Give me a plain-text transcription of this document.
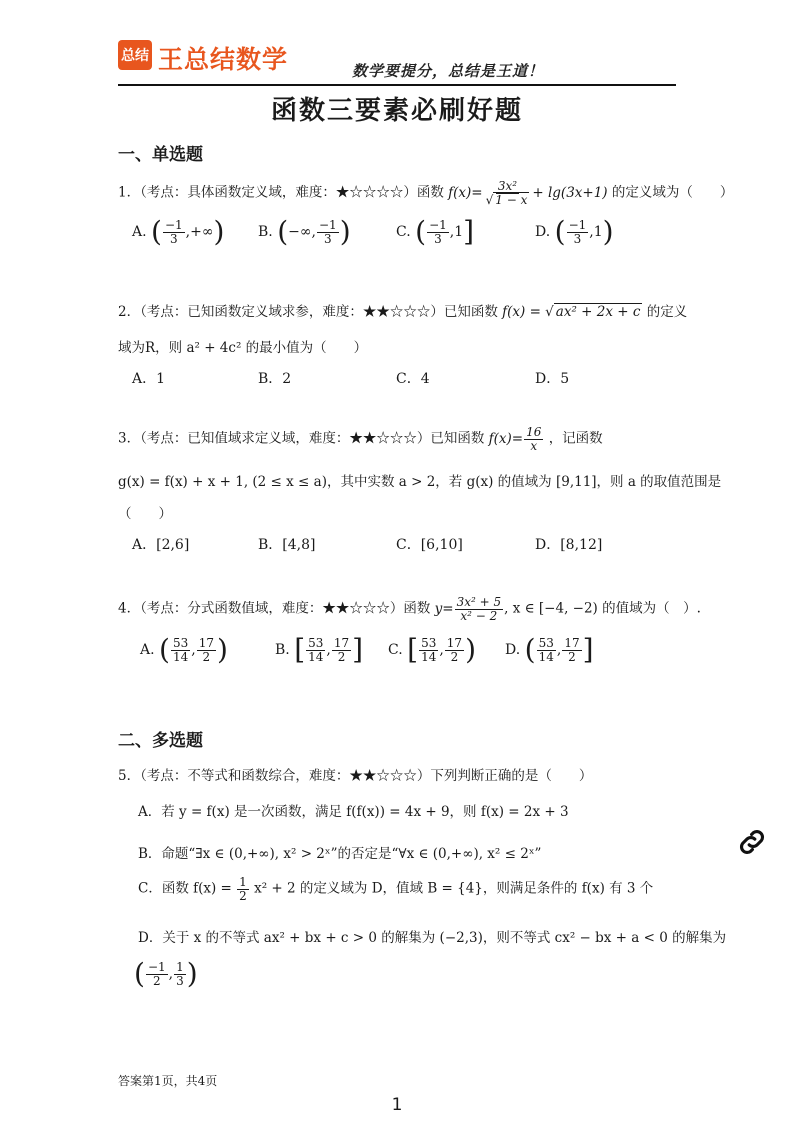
总结 王总结数学	数学要提分，总结是王道！
函数三要素必刷好题
一、单选题
1．（考点：具体函数定义域，难度：★☆☆☆☆）函数 $f(x)= \frac{\text{3x²}}{√ 1 - x} + \lg(3x+1)$ 的定义域为（　　）
A. ( $\frac{-1}{3}$ ,+∞) B. (−∞, $\frac{-1}{3}$ )	C. ( $\frac{-1}{3} ,1$]	D. ( $\frac{-1}{3} ,1$)
2．（考点：已知函数定义域求参，难度：★★☆☆☆）已知函数 f(x) = √ ax² + 2x + c 的定义
域为R，则 a² + 4c² 的最小值为（　　）
A．1	B．2	C．4	D．5
3．（考点：已知值域求定义域，难度：★★☆☆☆）已知函数 $f(x)= \frac{16}{x}$ ，记函数
g(x) = f(x) + x + 1, (2 ≤ x ≤ a)，其中实数 a > 2，若 g(x) 的值域为 [9,11]，则 a 的取值范围是
（　　）
A．[2,6]	B．[4,8]	C．[6,10]	D．[8,12]
4．（考点：分式函数值域，难度：★★☆☆☆）函数 $y= \frac{\text{3x² + 5}}{\text{x² − 2}}$ , x ∈ [−4, −2) 的值域为（　）.
A. ( $\frac{53}{14}$ , $\frac{17}{2}$ )	B. [ $\frac{53}{14}$ , $\frac{17}{2}$ ] C. [ $\frac{53}{14}$ , $\frac{17}{2}$ ) D. ( $\frac{53}{14}$ , $\frac{17}{2}$ ]
二、多选题
5．（考点：不等式和函数综合，难度：★★☆☆☆）下列判断正确的是（　　）
A．若 y = f(x) 是一次函数，满足 f(f(x)) = 4x + 9，则 f(x) = 2x + 3
B．命题“∃x ∈ (0,+∞), x² > 2ˣ”的否定是“∀x ∈ (0,+∞), x² ≤ 2ˣ”
C．函数 $f(x) = \frac{1}{2} x^2 + 2$ 的定义域为 D，值域 B = {4}，则满足条件的 f(x) 有 3 个
D．关于 x 的不等式 ax² + bx + c > 0 的解集为 (−2,3)，则不等式 cx² − bx + a < 0 的解集为
( $\frac{-1}{2}$ , $\frac{1}{3}$ )
答案第1页，共4页
1
